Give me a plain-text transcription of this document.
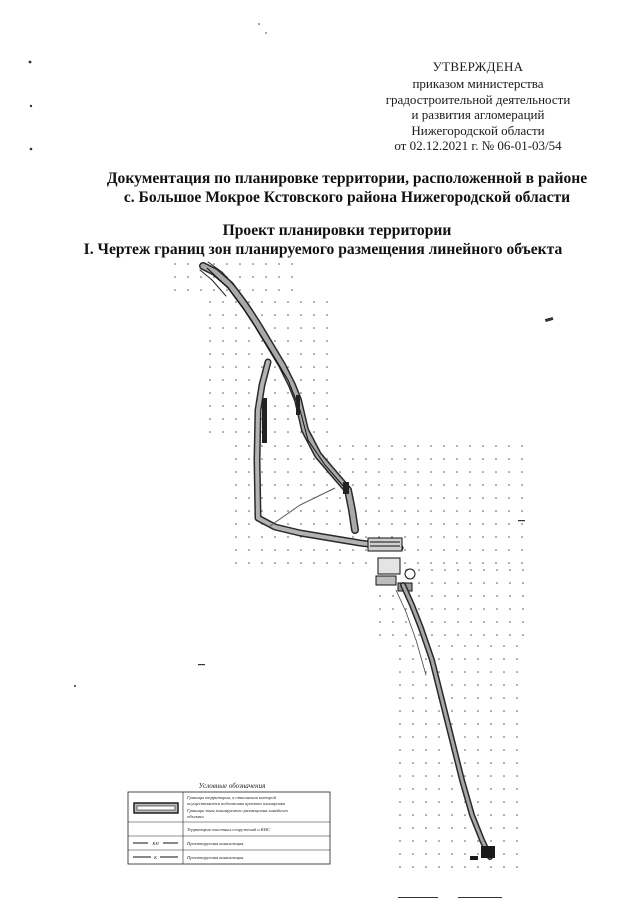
УТВЕРЖДЕНА
приказом министерства
градостроительной деятельности
и развития агломераций
Нижегородской области
от 02.12.2021 г. № 06-01-03/54
Документация по планировке территории, расположенной в районе
с. Большое Мокрое Кстовского района Нижегородской области
Проект планировки территории
I. Чертеж границ зон планируемого размещения линейного объекта
Условные обозначения
Границы территории, в отношении которой
осуществляется подготовка проекта планировки
Границы зоны планируемого размещения линейного
объекта
Территория очистных сооружений и КНС
КН	Проектируемая канализация
К	Проектируемая канализация
